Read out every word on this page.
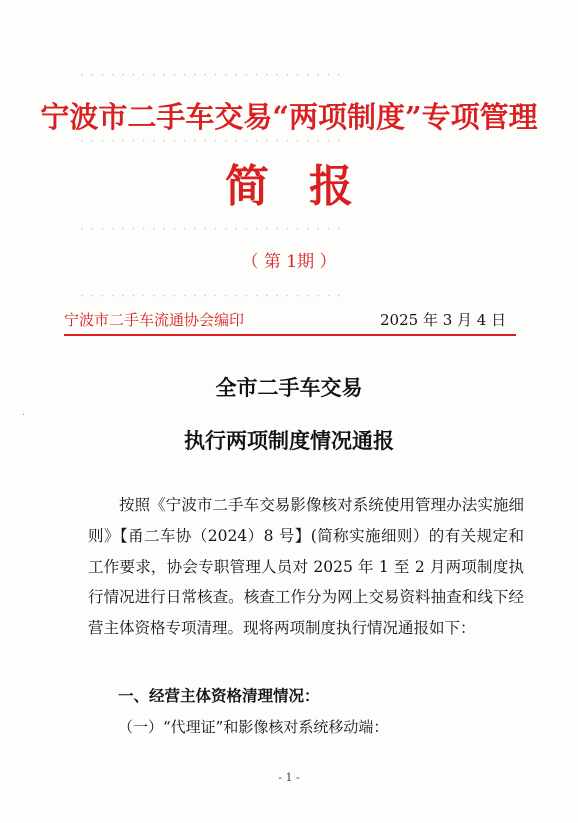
· · · · · · · · · · · · · · · · · · · · · · · · · ·
· · · · · · · · · · · · · · · · · · · · · · · · · ·
· · · · · · · · · · · · · · · · · · · · · · · · · ·
· · · · · · · · · · · · · · · · · · · · · · · · · ·
宁波市二手车交易“两项制度”专项管理
简报
（ 第 1期 ）
宁波市二手车流通协会编印	2025 年 3 月 4 日
·
全市二手车交易
执行两项制度情况通报

按照《宁波市二手车交易影像核对系统使用管理办法实施细则》【甬二车协（2024）8 号】(简称实施细则）的有关规定和工作要求，协会专职管理人员对 2025 年 1 至 2 月两项制度执行情况进行日常核查。核查工作分为网上交易资料抽查和线下经营主体资格专项清理。现将两项制度执行情况通报如下：

一、经营主体资格清理情况：
（一）“代理证”和影像核对系统移动端：
- 1 -
